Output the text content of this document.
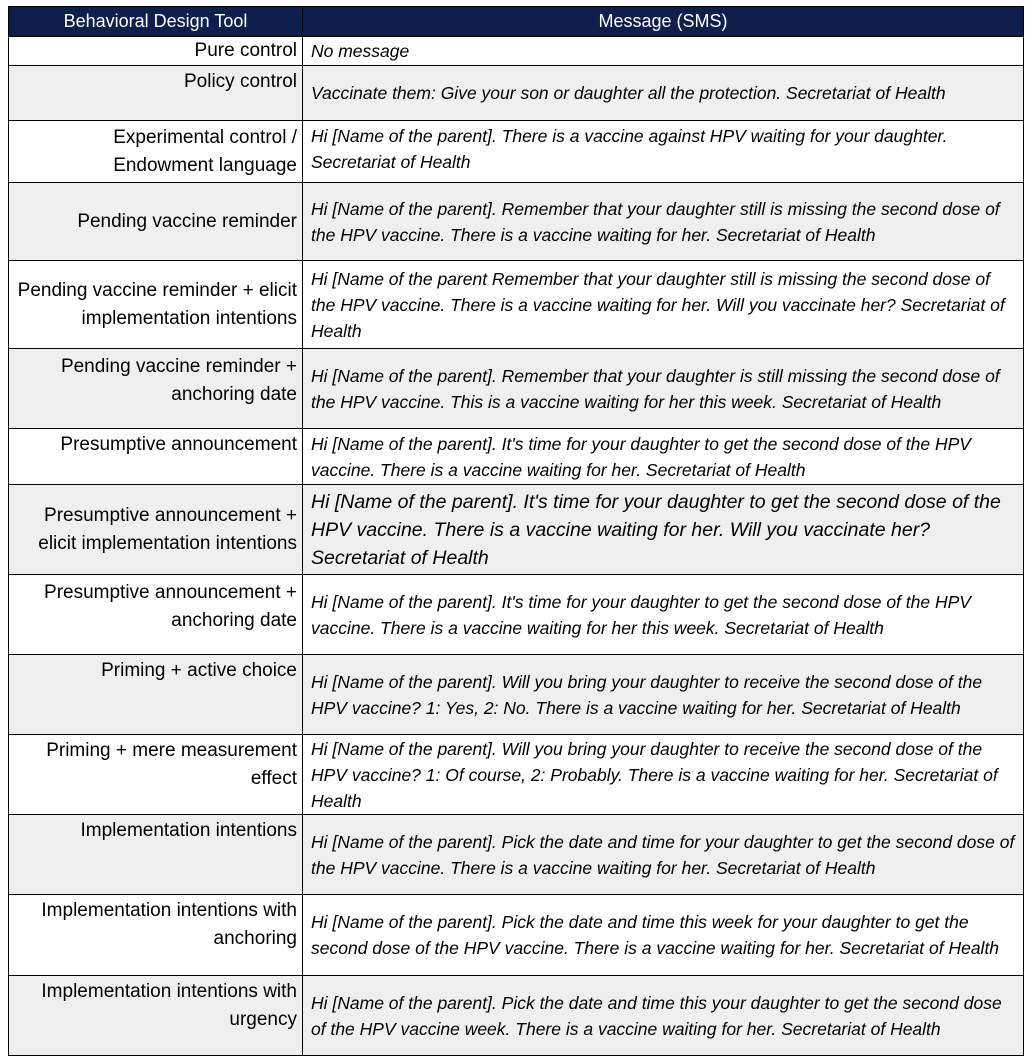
Behavioral Design Tool	Message (SMS)
Pure control	No message
Policy control	Vaccinate them: Give your son or daughter all the protection. Secretariat of Health
Experimental control / Endowment language	Hi [Name of the parent]. There is a vaccine against HPV waiting for your daughter. Secretariat of Health
Pending vaccine reminder	Hi [Name of the parent]. Remember that your daughter still is missing the second dose of the HPV vaccine. There is a vaccine waiting for her. Secretariat of Health
Pending vaccine reminder + elicit implementation intentions	Hi [Name of the parent Remember that your daughter still is missing the second dose of the HPV vaccine. There is a vaccine waiting for her. Will you vaccinate her? Secretariat of Health
Pending vaccine reminder + anchoring date	Hi [Name of the parent]. Remember that your daughter is still missing the second dose of the HPV vaccine. This is a vaccine waiting for her this week. Secretariat of Health
Presumptive announcement	Hi [Name of the parent]. It's time for your daughter to get the second dose of the HPV vaccine. There is a vaccine waiting for her. Secretariat of Health
Presumptive announcement + elicit implementation intentions	Hi [Name of the parent]. It's time for your daughter to get the second dose of the HPV vaccine. There is a vaccine waiting for her. Will you vaccinate her? Secretariat of Health
Presumptive announcement + anchoring date	Hi [Name of the parent]. It's time for your daughter to get the second dose of the HPV vaccine. There is a vaccine waiting for her this week. Secretariat of Health
Priming + active choice	Hi [Name of the parent]. Will you bring your daughter to receive the second dose of the HPV vaccine? 1: Yes, 2: No. There is a vaccine waiting for her. Secretariat of Health
Priming + mere measurement effect	Hi [Name of the parent]. Will you bring your daughter to receive the second dose of the HPV vaccine? 1: Of course, 2: Probably. There is a vaccine waiting for her. Secretariat of Health
Implementation intentions	Hi [Name of the parent]. Pick the date and time for your daughter to get the second dose of the HPV vaccine. There is a vaccine waiting for her. Secretariat of Health
Implementation intentions with anchoring	Hi [Name of the parent]. Pick the date and time this week for your daughter to get the second dose of the HPV vaccine. There is a vaccine waiting for her. Secretariat of Health
Implementation intentions with urgency	Hi [Name of the parent]. Pick the date and time this your daughter to get the second dose of the HPV vaccine week. There is a vaccine waiting for her. Secretariat of Health
